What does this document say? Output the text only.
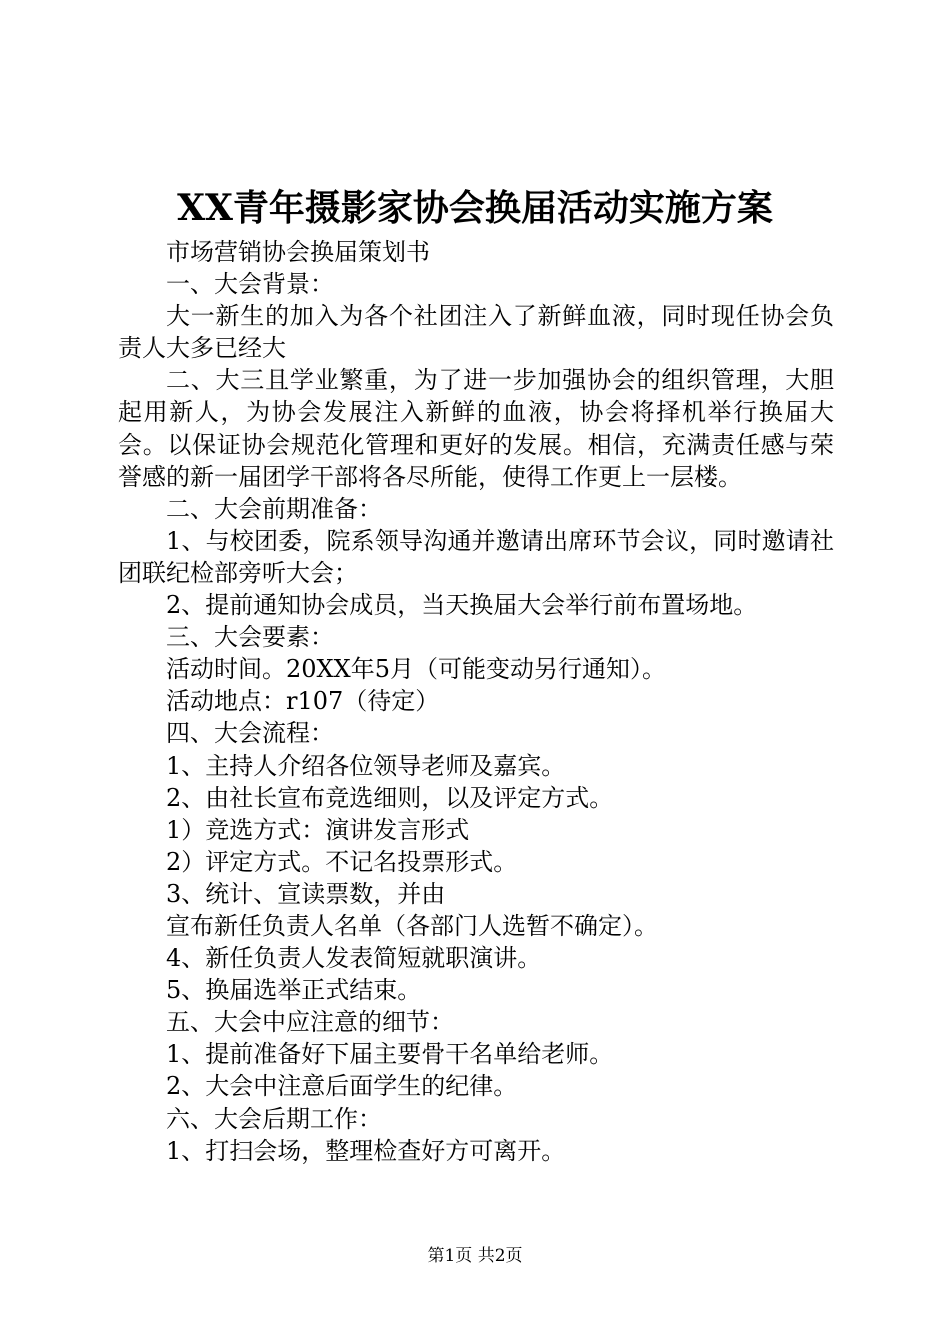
XX青年摄影家协会换届活动实施方案

市场营销协会换届策划书

一、大会背景：

大一新生的加入为各个社团注入了新鲜血液，同时现任协会负责人大多已经大

二、大三且学业繁重，为了进一步加强协会的组织管理，大胆起用新人，为协会发展注入新鲜的血液，协会将择机举行换届大会。以保证协会规范化管理和更好的发展。相信，充满责任感与荣誉感的新一届团学干部将各尽所能，使得工作更上一层楼。

二、大会前期准备：

1、与校团委，院系领导沟通并邀请出席环节会议，同时邀请社团联纪检部旁听大会；

2、提前通知协会成员，当天换届大会举行前布置场地。

三、大会要素：

活动时间。20XX年5月（可能变动另行通知）。

活动地点：r107（待定）

四、大会流程：

1、主持人介绍各位领导老师及嘉宾。

2、由社长宣布竞选细则，以及评定方式。

1）竞选方式：演讲发言形式

2）评定方式。不记名投票形式。

3、统计、宣读票数，并由

宣布新任负责人名单（各部门人选暂不确定）。

4、新任负责人发表简短就职演讲。

5、换届选举正式结束。

五、大会中应注意的细节：

1、提前准备好下届主要骨干名单给老师。

2、大会中注意后面学生的纪律。

六、大会后期工作：

1、打扫会场，整理检查好方可离开。

第1页 共2页
